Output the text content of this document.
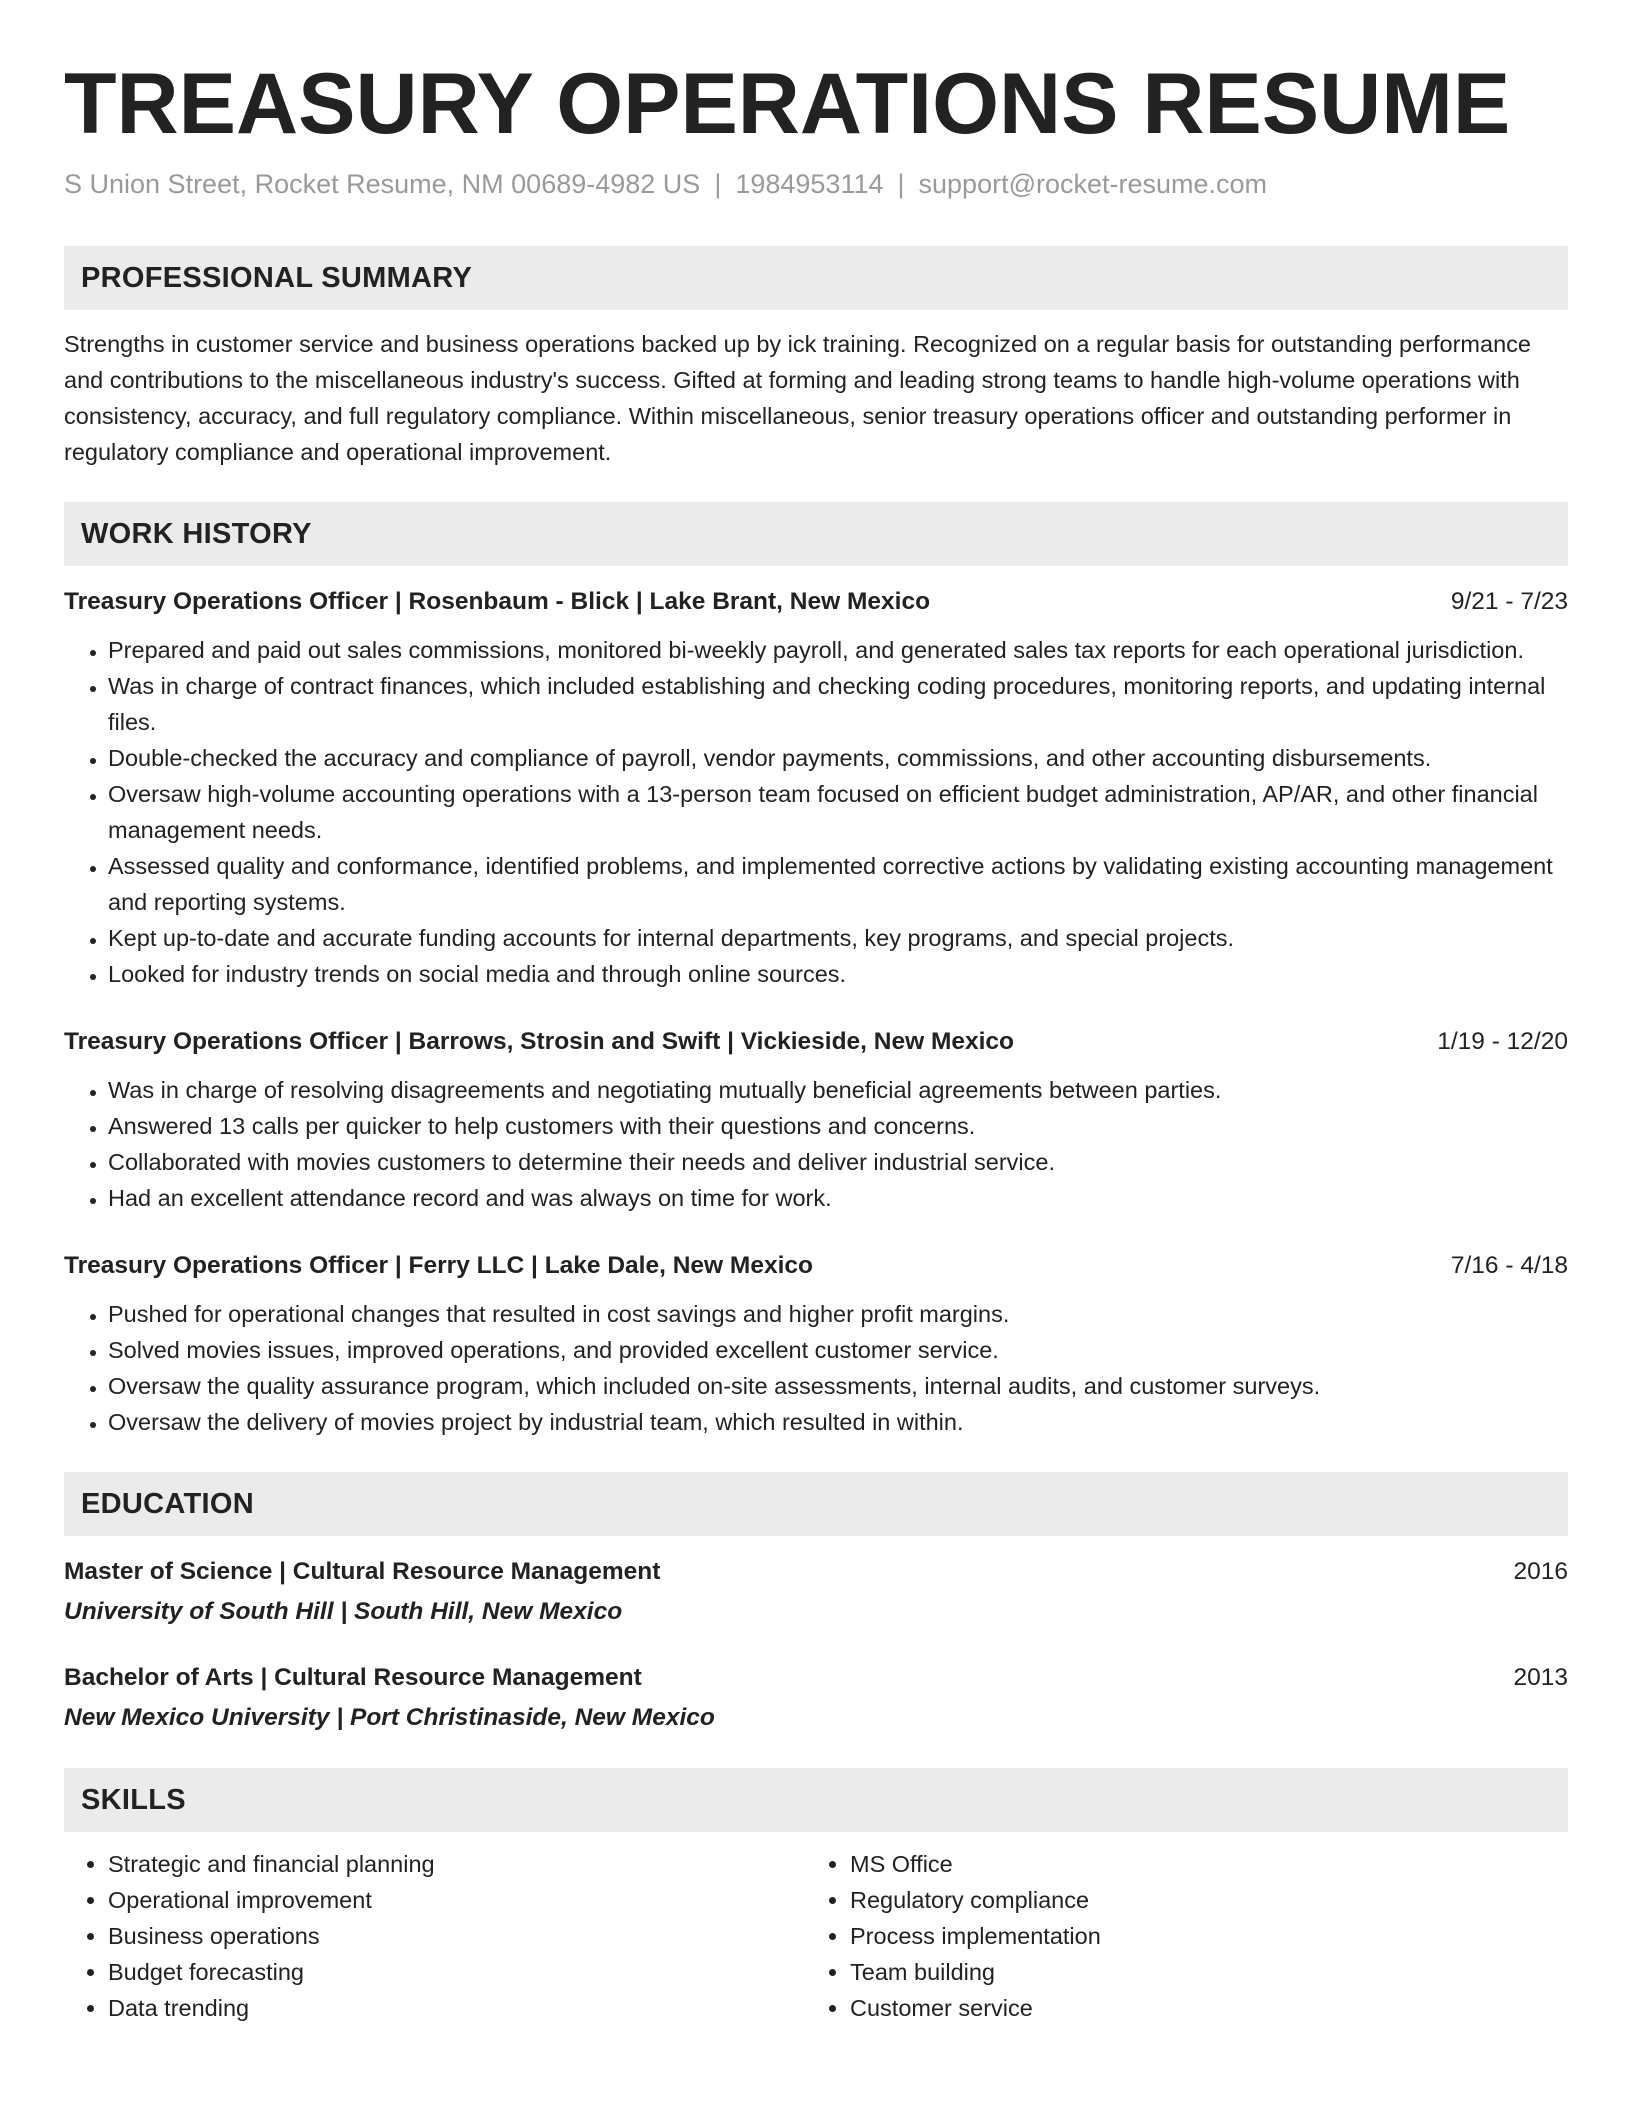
TREASURY OPERATIONS RESUME
S Union Street, Rocket Resume, NM 00689-4982 US | 1984953114 | support@rocket-resume.com
PROFESSIONAL SUMMARY

Strengths in customer service and business operations backed up by ick training. Recognized on a regular basis for outstanding performance and contributions to the miscellaneous industry's success. Gifted at forming and leading strong teams to handle high-volume operations with consistency, accuracy, and full regulatory compliance. Within miscellaneous, senior treasury operations officer and outstanding performer in regulatory compliance and operational improvement.

WORK HISTORY
Treasury Operations Officer | Rosenbaum - Blick | Lake Brant, New Mexico	9/21 - 7/23
• Prepared and paid out sales commissions, monitored bi-weekly payroll, and generated sales tax reports for each operational jurisdiction.
• Was in charge of contract finances, which included establishing and checking coding procedures, monitoring reports, and updating internal files.
• Double-checked the accuracy and compliance of payroll, vendor payments, commissions, and other accounting disbursements.
• Oversaw high-volume accounting operations with a 13-person team focused on efficient budget administration, AP/AR, and other financial management needs.
• Assessed quality and conformance, identified problems, and implemented corrective actions by validating existing accounting management and reporting systems.
• Kept up-to-date and accurate funding accounts for internal departments, key programs, and special projects.
• Looked for industry trends on social media and through online sources.
Treasury Operations Officer | Barrows, Strosin and Swift | Vickieside, New Mexico	1/19 - 12/20
• Was in charge of resolving disagreements and negotiating mutually beneficial agreements between parties.
• Answered 13 calls per quicker to help customers with their questions and concerns.
• Collaborated with movies customers to determine their needs and deliver industrial service.
• Had an excellent attendance record and was always on time for work.
Treasury Operations Officer | Ferry LLC | Lake Dale, New Mexico	7/16 - 4/18
• Pushed for operational changes that resulted in cost savings and higher profit margins.
• Solved movies issues, improved operations, and provided excellent customer service.
• Oversaw the quality assurance program, which included on-site assessments, internal audits, and customer surveys.
• Oversaw the delivery of movies project by industrial team, which resulted in within.
EDUCATION
Master of Science | Cultural Resource Management	2016
University of South Hill | South Hill, New Mexico
Bachelor of Arts | Cultural Resource Management	2013
New Mexico University | Port Christinaside, New Mexico
SKILLS
• Strategic and financial planning
• Operational improvement
• Business operations
• Budget forecasting
• Data trending
• MS Office
• Regulatory compliance
• Process implementation
• Team building
• Customer service
